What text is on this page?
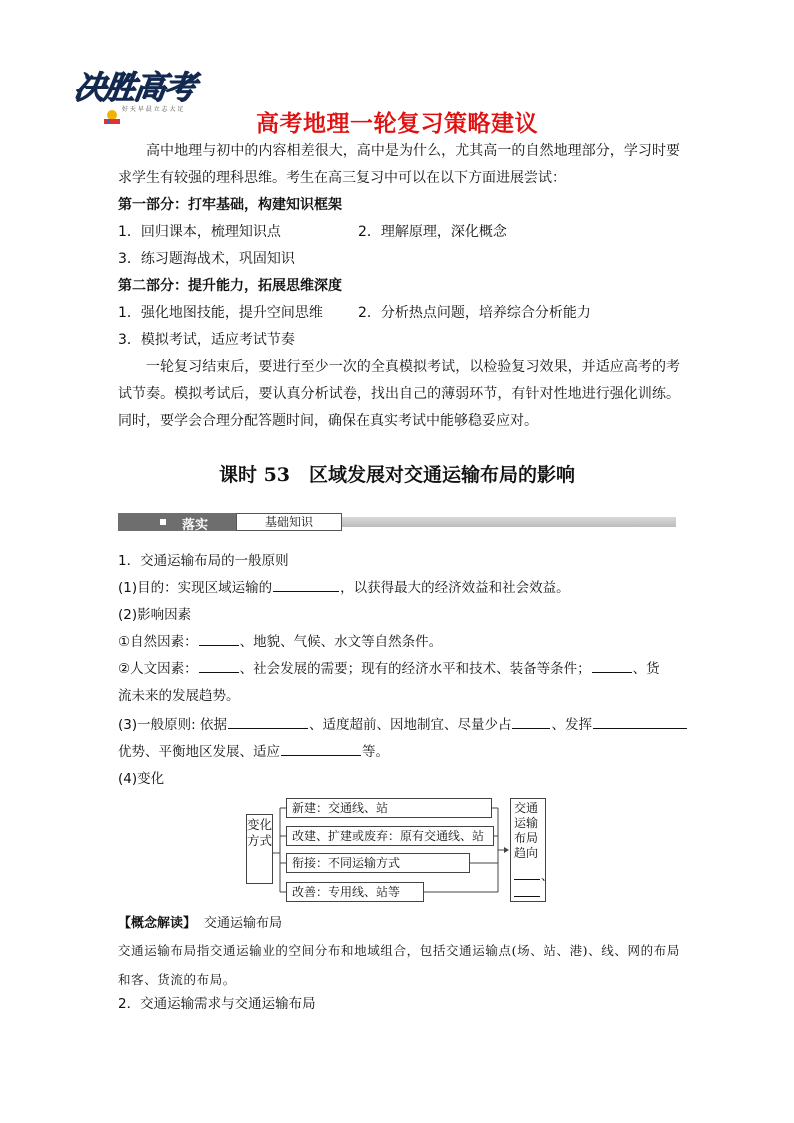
决胜高考
好 天 早 晨 立 志 大 足
高考地理一轮复习策略建议
高中地理与初中的内容相差很大，高中是为什么，尤其高一的自然地理部分，学习时要求学生有较强的理科思维。考生在高三复习中可以在以下方面进展尝试：
第一部分：打牢基础，构建知识框架
1．回归课本，梳理知识点	2．理解原理，深化概念
3．练习题海战术，巩固知识
第二部分：提升能力，拓展思维深度
1．强化地图技能，提升空间思维	2．分析热点问题，培养综合分析能力
3．模拟考试，适应考试节奏
一轮复习结束后，要进行至少一次的全真模拟考试，以检验复习效果，并适应高考的考试节奏。模拟考试后，要认真分析试卷，找出自己的薄弱环节，有针对性地进行强化训练。同时，要学会合理分配答题时间，确保在真实考试中能够稳妥应对。
课时 53　区域发展对交通运输布局的影响
落实	基础知识
1．交通运输布局的一般原则
(1)目的：实现区域运输的	，以获得最大的经济效益和社会效益。
(2)影响因素
①自然因素：	、地貌、气候、水文等自然条件。
②人文因素：	、社会发展的需要；现有的经济水平和技术、装备等条件；	、货
流未来的发展趋势。
(3)一般原则: 依据	、适度超前、因地制宜、尽量少占	、发挥
优势、平衡地区发展、适应	等。
(4)变化
变化方式
新建：交通线、站
改建、扩建或废弃：原有交通线、站
衔接：不同运输方式
改善：专用线、站等
交通运输布局趋向
、
【概念解读】 交通运输布局
交通运输布局指交通运输业的空间分布和地域组合，包括交通运输点(场、站、港)、线、网的布局和客、货流的布局。
2．交通运输需求与交通运输布局
